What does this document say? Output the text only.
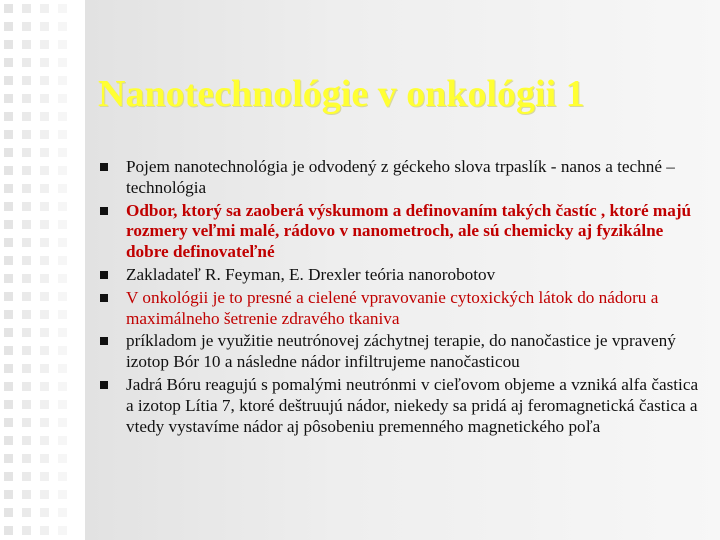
Nanotechnológie v onkológii 1
Pojem nanotechnológia je odvodený z géckeho slova trpaslík - nanos a techné – technológia
Odbor, ktorý sa zaoberá výskumom a definovaním takých častíc , ktoré majú rozmery veľmi malé, rádovo v nanometroch, ale sú chemicky aj fyzikálne dobre definovateľné
Zakladateľ R. Feyman, E. Drexler teória nanorobotov
V onkológii je to presné a cielené vpravovanie cytoxických látok do nádoru a maximálneho šetrenie zdravého tkaniva
príkladom je využitie neutrónovej záchytnej terapie, do nanočastice je vpravený izotop Bór 10 a následne nádor infiltrujeme nanočasticou
Jadrá Bóru reagujú s pomalými neutrónmi v cieľovom objeme a vzniká alfa častica a izotop Lítia 7, ktoré deštruujú nádor, niekedy sa pridá aj feromagnetická častica a vtedy vystavíme nádor aj pôsobeniu premenného magnetického poľa
